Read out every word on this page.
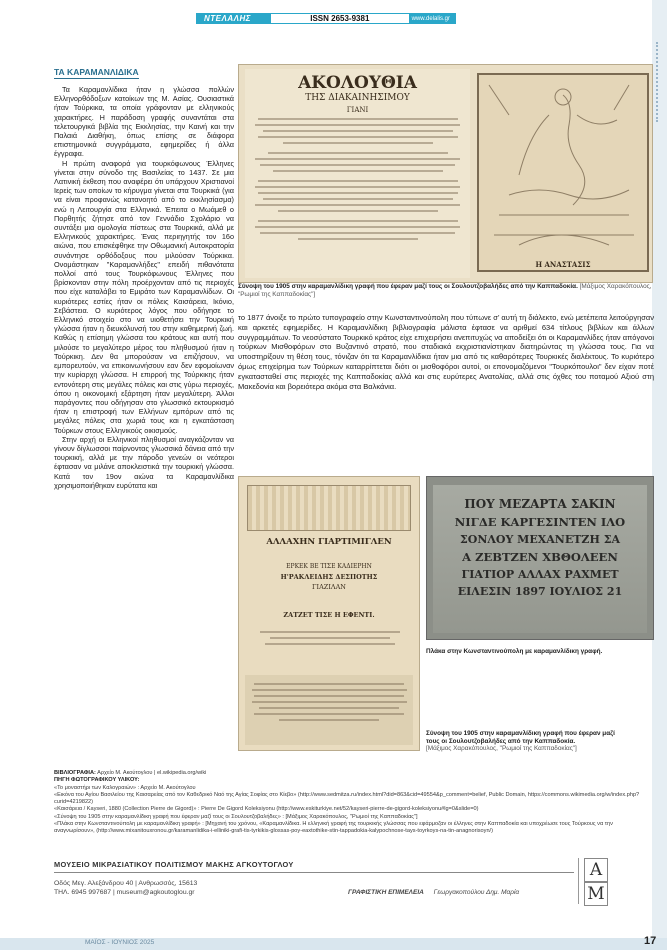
ΝΤΕΛΑΛΗΣ	ISSN 2653-9381	www.delalis.gr
ΤΑ ΚΑΡΑΜΑΝΛΙΔΙΚΑ

Τα Καραμανλίδικα ήταν η γλώσσα πολλών Ελληνορθόδοξων κατοίκων της Μ. Ασίας. Ουσιαστικά ήταν Τούρκικα, τα οποία γράφονταν με ελληνικούς χαρακτήρες. Η παράδοση γραφής συναντάται στα τελετουργικά βιβλία της Εκκλησίας, την Καινή και την Παλαιά Διαθήκη, όπως επίσης σε διάφορα επιστημονικά συγγράμματα, εφημερίδες ή άλλα έγγραφα.

Η πρώτη αναφορά για τουρκόφωνους Έλληνες γίνεται στην σύνοδο της Βασιλείας το 1437. Σε μια Λατινική έκθεση που αναφέρει ότι υπάρχουν Χριστιανοί Ιερείς των οποίων το κήρυγμα γίνεται στα Τουρκικά (για να είναι προφανώς κατανοητό από το εκκλησίασμα) ενώ η Λειτουργία στα Ελληνικά. Έπειτα ο Μωάμεθ ο Πορθητής ζήτησε από τον Γεννάδιο Σχολάριο να συντάξει μια ομολογία πίστεως στα Τουρκικά, αλλά με Ελληνικούς χαρακτήρες. Ένας περιηγητής τον 16ο αιώνα, που επισκέφθηκε την Οθωμανική Αυτοκρατορία συνάντησε ορθόδοξους που μιλούσαν Τούρκικα. Ονομάστηκαν "Καραμανλήδες" επειδή πιθανότατα πολλοί από τους Τουρκόφωνους Έλληνες που βρίσκονταν στην πόλη προέρχονταν από τις περιοχές που είχε καταλάβει το Εμιράτο των Καραμανλίδων. Οι κυριότερες εστίες ήταν οι πόλεις Καισάρεια, Ικόνιο, Σεβάστεια. Ο κυριότερος λόγος που οδήγησε το Ελληνικό στοιχείο στο να υιοθετήσει την Τουρκική γλώσσα ήταν η διευκόλυνσή του στην καθημερινή ζωή. Καθώς η επίσημη γλώσσα του κράτους και αυτή που μιλούσε το μεγαλύτερο μέρος του πληθυσμού ήταν η Τούρκικη. Δεν θα μπορούσαν να επιζήσουν, να εμπορευτούν, να επικοινωνήσουν εαν δεν εφομοίωναν την κυρίαρχη γλώσσα. Η επιρροή της Τούρκικης ήταν εντονότερη στις μεγάλες πόλεις και στις γύρω περιοχές, όπου η οικονομική εξάρτηση ήταν μεγαλύτερη. Άλλοι παράγοντες που οδήγησαν στο γλωσσικό εκτουρκισμό ήταν η επιστροφή των Ελλήνων εμπόρων από τις μεγάλες πόλεις στα χωριά τους και η εγκατάσταση Τούρκων στους Ελληνικούς οικισμούς.

Στην αρχή οι Ελληνικοί πληθυσμοί αναγκάζονταν να γίνουν δίγλωσσοι παίρνοντας γλωσσικά δάνεια από την τουρκική, αλλά με την πάροδο γενεών οι νεότεροι έφτασαν να μιλάνε αποκλειστικά την τουρκική γλώσσα. Κατά τον 19ον αιώνα τα Καραμανλίδικα χρησιμοποιήθηκαν ευρύτατα και

ΑΚΟΛΟΥΘΙΑ
ΤΗΣ ΔΙΑΚΑΙΝΗΣΙΜΟΥ
ΓΙΑΝΙ
Η ΑΝΑΣΤΑΣΙΣ
Σύνοψη του 1905 στην καραμανλίδικη γραφή που έφεραν μαζί τους οι Σουλουτζοβαλήδες από την Καππαδοκία. [Μάξιμος Χαρακόπουλος, "Ρωμιοί της Καππαδοκίας"]
το 1877 άνοιξε το πρώτο τυπογραφείο στην Κωνσταντινούπολη που τύπωνε σ’ αυτή τη διάλεκτο, ενώ μετέπειτα λειτούργησαν και αρκετές εφημερίδες. Η Καραμανλίδικη βιβλιογραφία μάλιστα έφτασε να αριθμεί 634 τίτλους βιβλίων και άλλων συγγραμμάτων. Το νεοσύστατο Τουρκικό κράτος είχε επιχειρήσει ανεπιτυχώς να αποδείξει ότι οι Καραμανλίδες ήταν απόγονοι τούρκων Μισθοφόρων στο Βυζαντινό στρατό, που σταδιακά εκχριστιανίστηκαν διατηρώντας τη γλώσσα τους. Για να υποστηρίξουν τη θέση τους, τόνιζαν ότι τα Καραμανλίδικα ήταν μια από τις καθαρότερες Τουρκικές διαλέκτους. Το κυριότερο όμως επιχείρημα των Τούρκων καταρρίπτεται διότι οι μισθοφόροι αυτοί, οι επονομαζόμενοι "Τουρκόπουλοι" δεν είχαν ποτέ εγκατασταθεί στις περιοχές της Καππαδοκίας αλλά και στις ευρύτερες Ανατολίας, αλλά στις όχθες του ποταμού Αξιού στη Μακεδονία και βορειότερα ακόμα στα Βαλκάνια.
ΑΛΛΑΧΗΝ ΓΙΑΡΤΙΜΙΓΛΕΝ
ΕΡΚΕΚ ΒΕ ΤΙΣΕ ΚΑΔΙΕΡΗΝ
Η'ΡΑΚΛΕΙΔΗΣ ΔΕΣΠΟΤΗΣ
ΓΙΑΖΙΛΑΝ
ΖΑΤΖΕΤ ΤΙΣΕ Η ΕΦΕΝΤΙ.
ΠΟΥ ΜΕΖΑΡΤΑ ΣΑΚΙΝ
ΝΙΓΔΕ ΚΑΡΓΕΣΙΝΤΕΝ ΙΛΟ
ΣΟΝΛΟΥ ΜΕΧΑΝΕΤΖΗ ΣΑ
Α ΖΕΒΤΖΕΝ ΧΒΘΟΛΕΕΝ
ΓΙΑΤΙΟΡ ΑΛΛΑΧ ΡΑΧΜΕΤ
ΕΙΛΕΣΙΝ 1897 ΙΟΥΛΙΟΣ 21
Πλάκα στην Κωνσταντινούπολη με καραμανλίδικη γραφή.
Σύνοψη του 1905 στην καραμανλίδικη γραφή που έφεραν μαζί τους οι Σουλουτζοβαλήδες από την Καππαδοκία.
[Μάξιμος Χαρακόπουλος, "Ρωμιοί της Καππαδοκίας"]
ΒΙΒΛΙΟΓΡΑΦΙΑ: Αρχείο Μ. Ακούτογλου | el.wikipedia.org/wiki
ΠΗΓΗ ΦΩΤΟΓΡΑΦΙΚΟΥ ΥΛΙΚΟΥ:
«Το μοναστήρι των Καλογραιών» : Αρχείο Μ. Ακούτογλου
«Εικόνα του Αγίου Βασιλείου της Καισαρείας από τον Καθεδρικό Ναό της Αγίας Σοφίας στο Κίεβο» (http://www.sedmitza.ru/index.html?did=863&cid=49554&p_comment=belief, Public Domain, https://commons.wikimedia.org/w/index.php?curid=4219822)
«Καισάρεια / Kayseri, 1880 (Collection Pierre de Gigord)» : Pierre De Gigord Koleksiyonu (http://www.eskiturkiye.net/52/kayseri-pierre-de-gigord-koleksiyonu#lg=0&slide=0)
«Σύνοψη του 1905 στην καραμανλίδικη γραφή που έφεραν μαζί τους οι Σουλουτζοβαλήδες» : [Μάξιμος Χαρακόπουλος, "Ρωμιοί της Καππαδοκίας"]
«Πλάκα στην Κωνσταντινούπολη με καραμανλίδικη γραφή» : [Μηχανή του χρόνου, «Καραμανλίδικα. Η ελληνική γραφή της τουρκικής γλώσσας που εφάρμοζαν οι έλληνες στην Καππαδοκία και υποχρέωσε τους Τούρκους να την αναγνωρίσουν», (http://www.mixanitouxronou.gr/karamanlidika-i-elliniki-grafi-tis-tyrkikis-glossas-poy-eaxtothike-stin-tappadokia-kalypochnose-tays-toyrkoys-na-tin-anagnorisoyn/)
ΜΟΥΣΕΙΟ ΜΙΚΡΑΣΙΑΤΙΚΟΥ ΠΟΛΙΤΙΣΜΟΥ ΜΑΚΗΣ ΑΓΚΟΥΤΟΓΛΟΥ
Οδός Μεγ. Αλεξάνδρου 40 | Ανθρωσσός, 15613
ΤΗΛ. 6945 997687 | museum@agkoutoglou.gr	ΓΡΑΦΙΣΤΙΚΗ ΕΠΙΜΕΛΕΙΑ Γεωργακοπούλου Δημ. Μαρία
Α
Μ
ΜΑΪΟΣ - ΙΟΥΝΙΟΣ 2025	17
